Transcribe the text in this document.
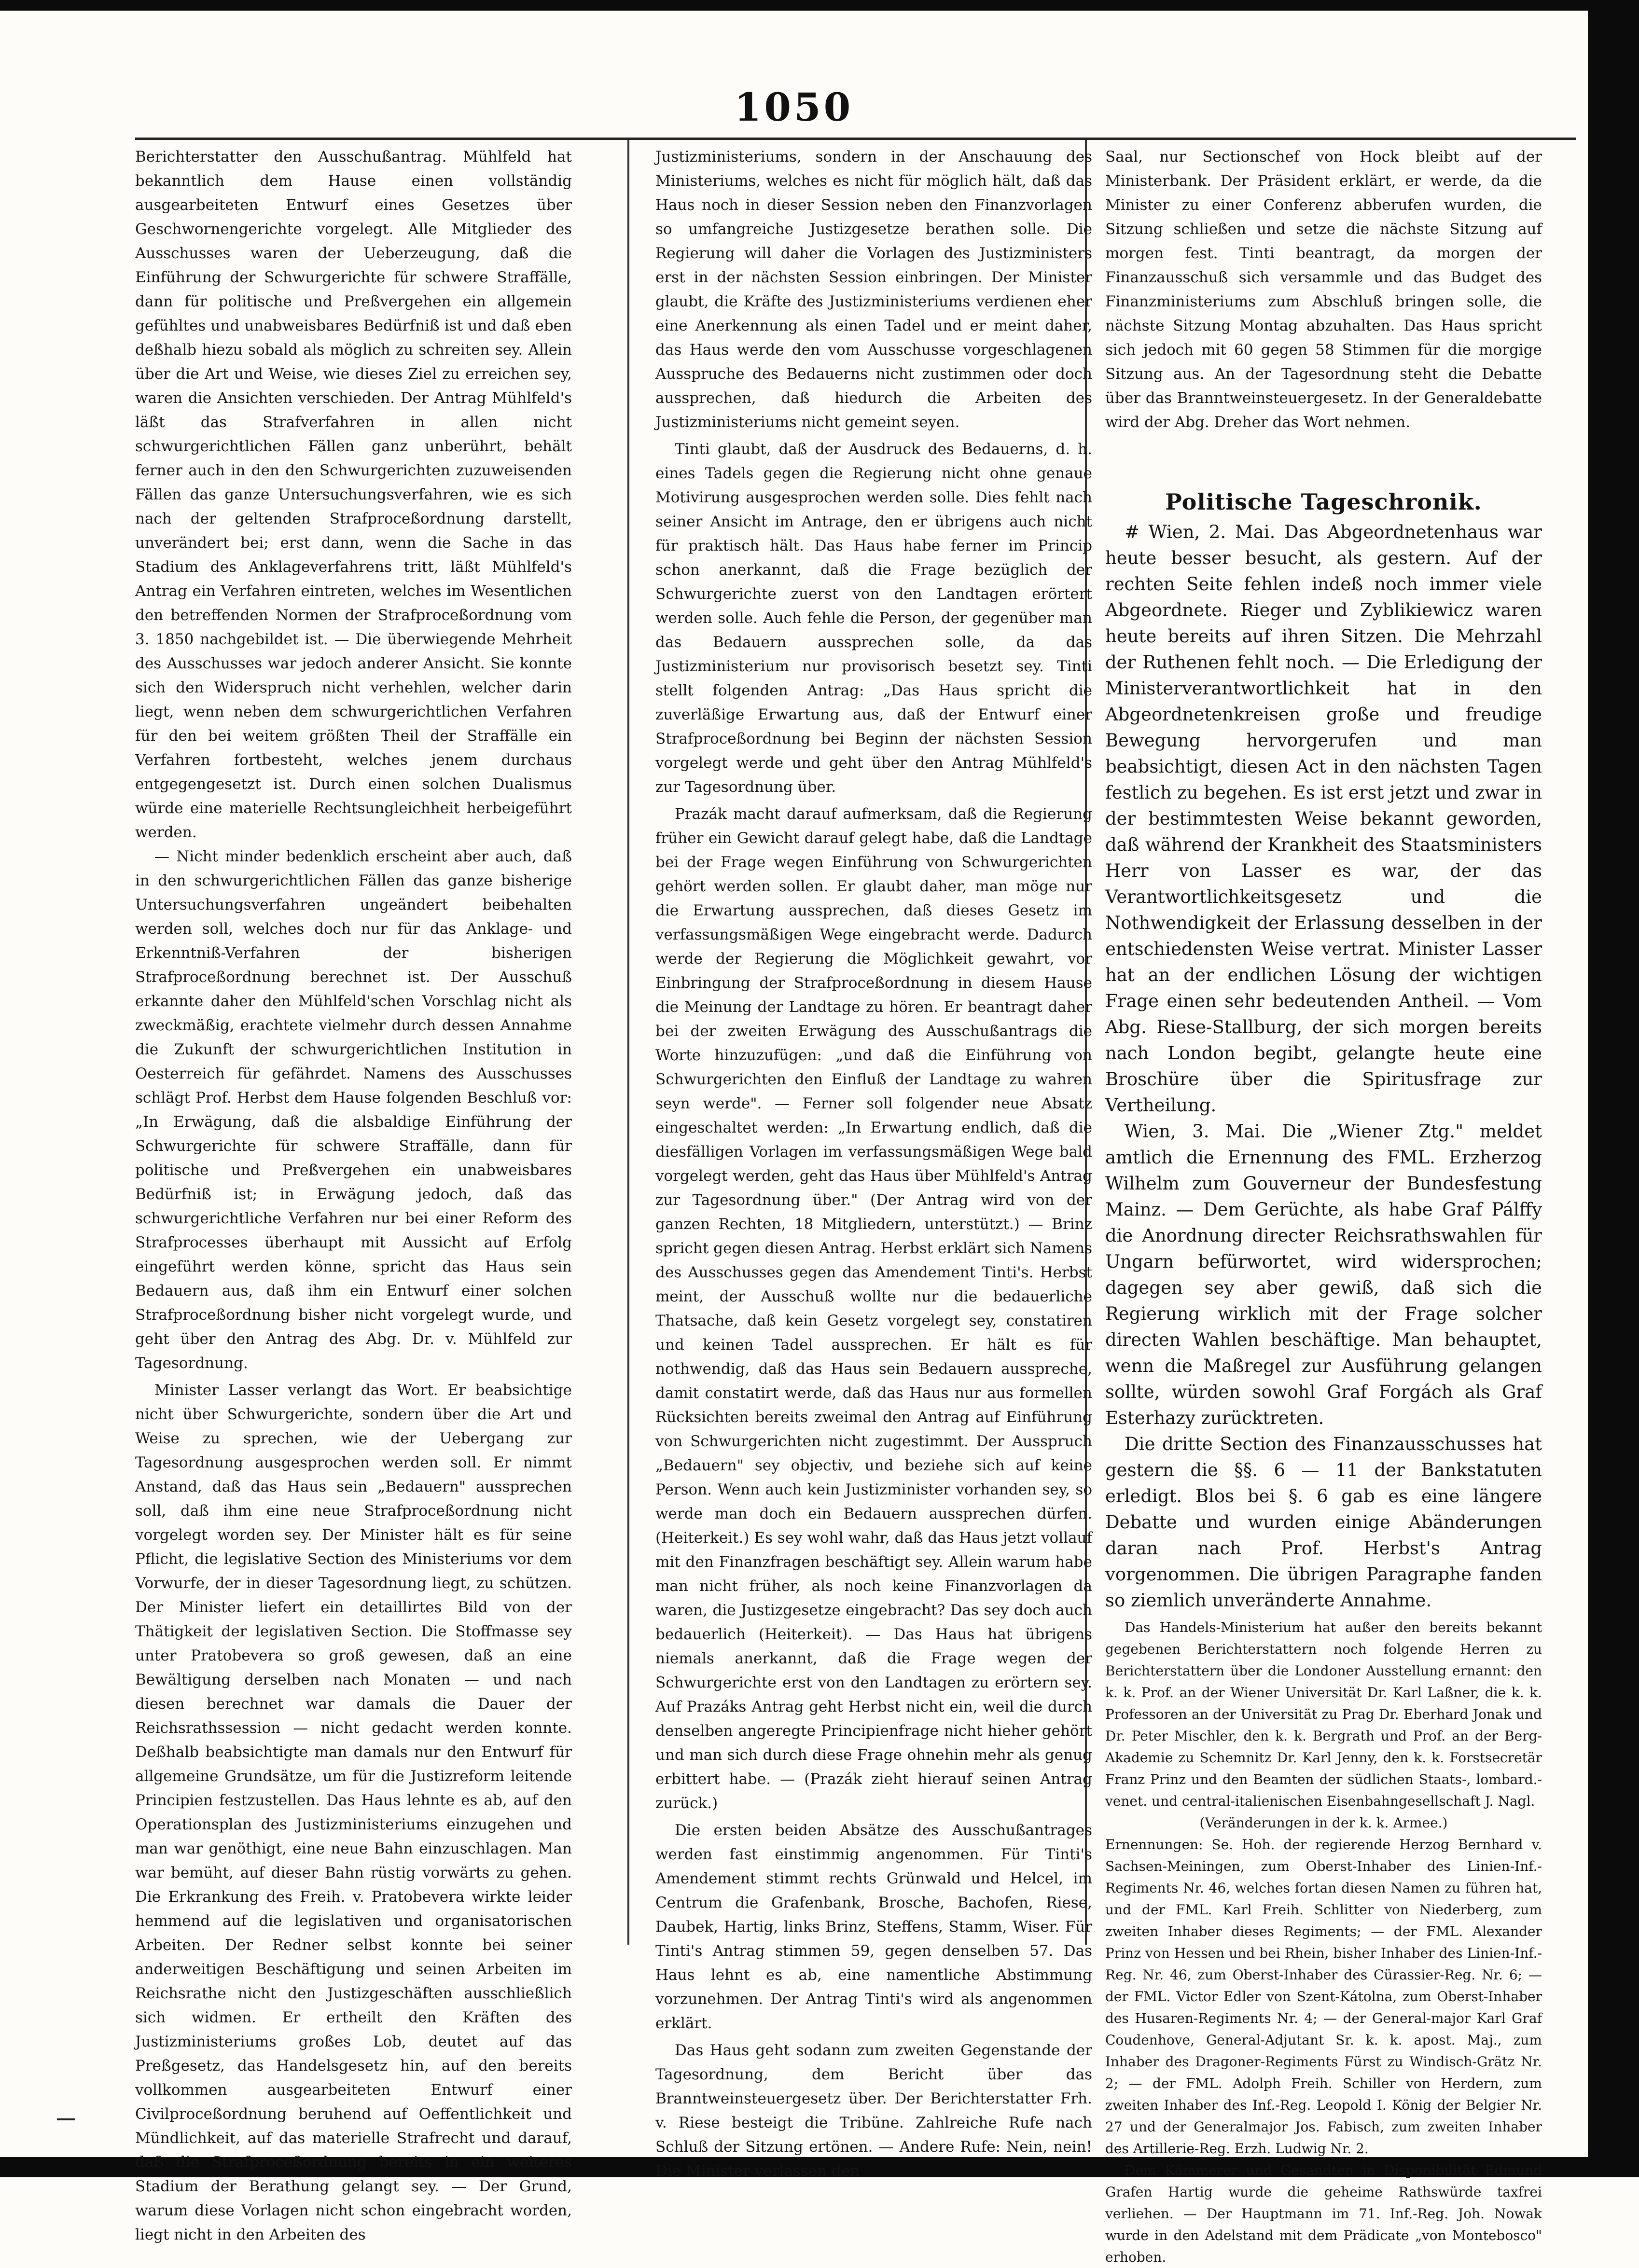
1050

Berichterstatter den Ausschußantrag. Mühlfeld hat bekanntlich dem Hause einen vollständig ausgearbeiteten Entwurf eines Gesetzes über Geschwornengerichte vorgelegt. Alle Mitglieder des Ausschusses waren der Ueberzeugung, daß die Einführung der Schwurgerichte für schwere Straffälle, dann für politische und Preßvergehen ein allgemein gefühltes und unabweisbares Bedürfniß ist und daß eben deßhalb hiezu sobald als möglich zu schreiten sey. Allein über die Art und Weise, wie dieses Ziel zu erreichen sey, waren die Ansichten verschieden. Der Antrag Mühlfeld's läßt das Strafverfahren in allen nicht schwurgerichtlichen Fällen ganz unberührt, behält ferner auch in den den Schwurgerichten zuzuweisenden Fällen das ganze Untersuchungsverfahren, wie es sich nach der geltenden Strafproceßordnung darstellt, unverändert bei; erst dann, wenn die Sache in das Stadium des Anklageverfahrens tritt, läßt Mühlfeld's Antrag ein Verfahren eintreten, welches im Wesentlichen den betreffenden Normen der Strafproceßordnung vom 3. 1850 nachgebildet ist. — Die überwiegende Mehrheit des Ausschusses war jedoch anderer Ansicht. Sie konnte sich den Widerspruch nicht verhehlen, welcher darin liegt, wenn neben dem schwurgerichtlichen Verfahren für den bei weitem größten Theil der Straffälle ein Verfahren fortbesteht, welches jenem durchaus entgegengesetzt ist. Durch einen solchen Dualismus würde eine materielle Rechtsungleichheit herbeigeführt werden.

— Nicht minder bedenklich erscheint aber auch, daß in den schwurgerichtlichen Fällen das ganze bisherige Untersuchungsverfahren ungeändert beibehalten werden soll, welches doch nur für das Anklage- und Erkenntniß-Verfahren der bisherigen Strafproceßordnung berechnet ist. Der Ausschuß erkannte daher den Mühlfeld'schen Vorschlag nicht als zweckmäßig, erachtete vielmehr durch dessen Annahme die Zukunft der schwurgerichtlichen Institution in Oesterreich für gefährdet. Namens des Ausschusses schlägt Prof. Herbst dem Hause folgenden Beschluß vor: „In Erwägung, daß die alsbaldige Einführung der Schwurgerichte für schwere Straffälle, dann für politische und Preßvergehen ein unabweisbares Bedürfniß ist; in Erwägung jedoch, daß das schwurgerichtliche Verfahren nur bei einer Reform des Strafprocesses überhaupt mit Aussicht auf Erfolg eingeführt werden könne, spricht das Haus sein Bedauern aus, daß ihm ein Entwurf einer solchen Strafproceßordnung bisher nicht vorgelegt wurde, und geht über den Antrag des Abg. Dr. v. Mühlfeld zur Tagesordnung.

Minister Lasser verlangt das Wort. Er beabsichtige nicht über Schwurgerichte, sondern über die Art und Weise zu sprechen, wie der Uebergang zur Tagesordnung ausgesprochen werden soll. Er nimmt Anstand, daß das Haus sein „Bedauern" aussprechen soll, daß ihm eine neue Strafproceßordnung nicht vorgelegt worden sey. Der Minister hält es für seine Pflicht, die legislative Section des Ministeriums vor dem Vorwurfe, der in dieser Tagesordnung liegt, zu schützen. Der Minister liefert ein detaillirtes Bild von der Thätigkeit der legislativen Section. Die Stoffmasse sey unter Pratobevera so groß gewesen, daß an eine Bewältigung derselben nach Monaten — und nach diesen berechnet war damals die Dauer der Reichsrathssession — nicht gedacht werden konnte. Deßhalb beabsichtigte man damals nur den Entwurf für allgemeine Grundsätze, um für die Justizreform leitende Principien festzustellen. Das Haus lehnte es ab, auf den Operationsplan des Justizministeriums einzugehen und man war genöthigt, eine neue Bahn einzuschlagen. Man war bemüht, auf dieser Bahn rüstig vorwärts zu gehen. Die Erkrankung des Freih. v. Pratobevera wirkte leider hemmend auf die legislativen und organisatorischen Arbeiten. Der Redner selbst konnte bei seiner anderweitigen Beschäftigung und seinen Arbeiten im Reichsrathe nicht den Justizgeschäften ausschließlich sich widmen. Er ertheilt den Kräften des Justizministeriums großes Lob, deutet auf das Preßgesetz, das Handelsgesetz hin, auf den bereits vollkommen ausgearbeiteten Entwurf einer Civilproceßordnung beruhend auf Oeffentlichkeit und Mündlichkeit, auf das materielle Strafrecht und darauf, daß die Strafproceßordnung bereits in ein weiteres Stadium der Berathung gelangt sey. — Der Grund, warum diese Vorlagen nicht schon eingebracht worden, liegt nicht in den Arbeiten des

Justizministeriums, sondern in der Anschauung des Ministeriums, welches es nicht für möglich hält, daß das Haus noch in dieser Session neben den Finanzvorlagen so umfangreiche Justizgesetze berathen solle. Die Regierung will daher die Vorlagen des Justizministers erst in der nächsten Session einbringen. Der Minister glaubt, die Kräfte des Justizministeriums verdienen eher eine Anerkennung als einen Tadel und er meint daher, das Haus werde den vom Ausschusse vorgeschlagenen Ausspruche des Bedauerns nicht zustimmen oder doch aussprechen, daß hiedurch die Arbeiten des Justizministeriums nicht gemeint seyen.

Tinti glaubt, daß der Ausdruck des Bedauerns, d. h. eines Tadels gegen die Regierung nicht ohne genaue Motivirung ausgesprochen werden solle. Dies fehlt nach seiner Ansicht im Antrage, den er übrigens auch nicht für praktisch hält. Das Haus habe ferner im Princip schon anerkannt, daß die Frage bezüglich der Schwurgerichte zuerst von den Landtagen erörtert werden solle. Auch fehle die Person, der gegenüber man das Bedauern aussprechen solle, da das Justizministerium nur provisorisch besetzt sey. Tinti stellt folgenden Antrag: „Das Haus spricht die zuverläßige Erwartung aus, daß der Entwurf einer Strafproceßordnung bei Beginn der nächsten Session vorgelegt werde und geht über den Antrag Mühlfeld's zur Tagesordnung über.

Prazák macht darauf aufmerksam, daß die Regierung früher ein Gewicht darauf gelegt habe, daß die Landtage bei der Frage wegen Einführung von Schwurgerichten gehört werden sollen. Er glaubt daher, man möge nur die Erwartung aussprechen, daß dieses Gesetz im verfassungsmäßigen Wege eingebracht werde. Dadurch werde der Regierung die Möglichkeit gewahrt, vor Einbringung der Strafproceßordnung in diesem Hause die Meinung der Landtage zu hören. Er beantragt daher bei der zweiten Erwägung des Ausschußantrags die Worte hinzuzufügen: „und daß die Einführung von Schwurgerichten den Einfluß der Landtage zu wahren seyn werde". — Ferner soll folgender neue Absatz eingeschaltet werden: „In Erwartung endlich, daß die diesfälligen Vorlagen im verfassungsmäßigen Wege bald vorgelegt werden, geht das Haus über Mühlfeld's Antrag zur Tagesordnung über." (Der Antrag wird von der ganzen Rechten, 18 Mitgliedern, unterstützt.) — Brinz spricht gegen diesen Antrag. Herbst erklärt sich Namens des Ausschusses gegen das Amendement Tinti's. Herbst meint, der Ausschuß wollte nur die bedauerliche Thatsache, daß kein Gesetz vorgelegt sey, constatiren und keinen Tadel aussprechen. Er hält es für nothwendig, daß das Haus sein Bedauern ausspreche, damit constatirt werde, daß das Haus nur aus formellen Rücksichten bereits zweimal den Antrag auf Einführung von Schwurgerichten nicht zugestimmt. Der Ausspruch „Bedauern" sey objectiv, und beziehe sich auf keine Person. Wenn auch kein Justizminister vorhanden sey, so werde man doch ein Bedauern aussprechen dürfen. (Heiterkeit.) Es sey wohl wahr, daß das Haus jetzt vollauf mit den Finanzfragen beschäftigt sey. Allein warum habe man nicht früher, als noch keine Finanzvorlagen da waren, die Justizgesetze eingebracht? Das sey doch auch bedauerlich (Heiterkeit). — Das Haus hat übrigens niemals anerkannt, daß die Frage wegen der Schwurgerichte erst von den Landtagen zu erörtern sey. Auf Prazáks Antrag geht Herbst nicht ein, weil die durch denselben angeregte Principienfrage nicht hieher gehört und man sich durch diese Frage ohnehin mehr als genug erbittert habe. — (Prazák zieht hierauf seinen Antrag zurück.)

Die ersten beiden Absätze des Ausschußantrages werden fast einstimmig angenommen. Für Tinti's Amendement stimmt rechts Grünwald und Helcel, im Centrum die Grafenbank, Brosche, Bachofen, Riese, Daubek, Hartig, links Brinz, Steffens, Stamm, Wiser. Für Tinti's Antrag stimmen 59, gegen denselben 57. Das Haus lehnt es ab, eine namentliche Abstimmung vorzunehmen. Der Antrag Tinti's wird als angenommen erklärt.

Das Haus geht sodann zum zweiten Gegenstande der Tagesordnung, dem Bericht über das Branntweinsteuergesetz über. Der Berichterstatter Frh. v. Riese besteigt die Tribüne. Zahlreiche Rufe nach Schluß der Sitzung ertönen. — Andere Rufe: Nein, nein! Die Minister verlassen den

Saal, nur Sectionschef von Hock bleibt auf der Ministerbank. Der Präsident erklärt, er werde, da die Minister zu einer Conferenz abberufen wurden, die Sitzung schließen und setze die nächste Sitzung auf morgen fest. Tinti beantragt, da morgen der Finanzausschuß sich versammle und das Budget des Finanzministeriums zum Abschluß bringen solle, die nächste Sitzung Montag abzuhalten. Das Haus spricht sich jedoch mit 60 gegen 58 Stimmen für die morgige Sitzung aus. An der Tagesordnung steht die Debatte über das Branntweinsteuergesetz. In der Generaldebatte wird der Abg. Dreher das Wort nehmen.

Politische Tageschronik.

# Wien, 2. Mai. Das Abgeordnetenhaus war heute besser besucht, als gestern. Auf der rechten Seite fehlen indeß noch immer viele Abgeordnete. Rieger und Zyblikiewicz waren heute bereits auf ihren Sitzen. Die Mehrzahl der Ruthenen fehlt noch. — Die Erledigung der Ministerverantwortlichkeit hat in den Abgeordnetenkreisen große und freudige Bewegung hervorgerufen und man beabsichtigt, diesen Act in den nächsten Tagen festlich zu begehen. Es ist erst jetzt und zwar in der bestimmtesten Weise bekannt geworden, daß während der Krankheit des Staatsministers Herr von Lasser es war, der das Verantwortlichkeitsgesetz und die Nothwendigkeit der Erlassung desselben in der entschiedensten Weise vertrat. Minister Lasser hat an der endlichen Lösung der wichtigen Frage einen sehr bedeutenden Antheil. — Vom Abg. Riese-Stallburg, der sich morgen bereits nach London begibt, gelangte heute eine Broschüre über die Spiritusfrage zur Vertheilung.

Wien, 3. Mai. Die „Wiener Ztg." meldet amtlich die Ernennung des FML. Erzherzog Wilhelm zum Gouverneur der Bundesfestung Mainz. — Dem Gerüchte, als habe Graf Pálffy die Anordnung directer Reichsrathswahlen für Ungarn befürwortet, wird widersprochen; dagegen sey aber gewiß, daß sich die Regierung wirklich mit der Frage solcher directen Wahlen beschäftige. Man behauptet, wenn die Maßregel zur Ausführung gelangen sollte, würden sowohl Graf Forgách als Graf Esterhazy zurücktreten.

Die dritte Section des Finanzausschusses hat gestern die §§. 6 — 11 der Bankstatuten erledigt. Blos bei §. 6 gab es eine längere Debatte und wurden einige Abänderungen daran nach Prof. Herbst's Antrag vorgenommen. Die übrigen Paragraphe fanden so ziemlich unveränderte Annahme.

Das Handels-Ministerium hat außer den bereits bekannt gegebenen Berichterstattern noch folgende Herren zu Berichterstattern über die Londoner Ausstellung ernannt: den k. k. Prof. an der Wiener Universität Dr. Karl Laßner, die k. k. Professoren an der Universität zu Prag Dr. Eberhard Jonak und Dr. Peter Mischler, den k. k. Bergrath und Prof. an der Berg-Akademie zu Schemnitz Dr. Karl Jenny, den k. k. Forstsecretär Franz Prinz und den Beamten der südlichen Staats-, lombard.-venet. und central-italienischen Eisenbahngesellschaft J. Nagl.

(Veränderungen in der k. k. Armee.)

Ernennungen: Se. Hoh. der regierende Herzog Bernhard v. Sachsen-Meiningen, zum Oberst-Inhaber des Linien-Inf.-Regiments Nr. 46, welches fortan diesen Namen zu führen hat, und der FML. Karl Freih. Schlitter von Niederberg, zum zweiten Inhaber dieses Regiments; — der FML. Alexander Prinz von Hessen und bei Rhein, bisher Inhaber des Linien-Inf.-Reg. Nr. 46, zum Oberst-Inhaber des Cürassier-Reg. Nr. 6; — der FML. Victor Edler von Szent-Kátolna, zum Oberst-Inhaber des Husaren-Regiments Nr. 4; — der General-major Karl Graf Coudenhove, General-Adjutant Sr. k. k. apost. Maj., zum Inhaber des Dragoner-Regiments Fürst zu Windisch-Grätz Nr. 2; — der FML. Adolph Freih. Schiller von Herdern, zum zweiten Inhaber des Inf.-Reg. Leopold I. König der Belgier Nr. 27 und der Generalmajor Jos. Fabisch, zum zweiten Inhaber des Artillerie-Reg. Erzh. Ludwig Nr. 2.

Dem Kämmerer und Gesandten in Disponibilität Edmund Grafen Hartig wurde die geheime Rathswürde taxfrei verliehen. — Der Hauptmann im 71. Inf.-Reg. Joh. Nowak wurde in den Adelstand mit dem Prädicate „von Montebosco" erhoben.
